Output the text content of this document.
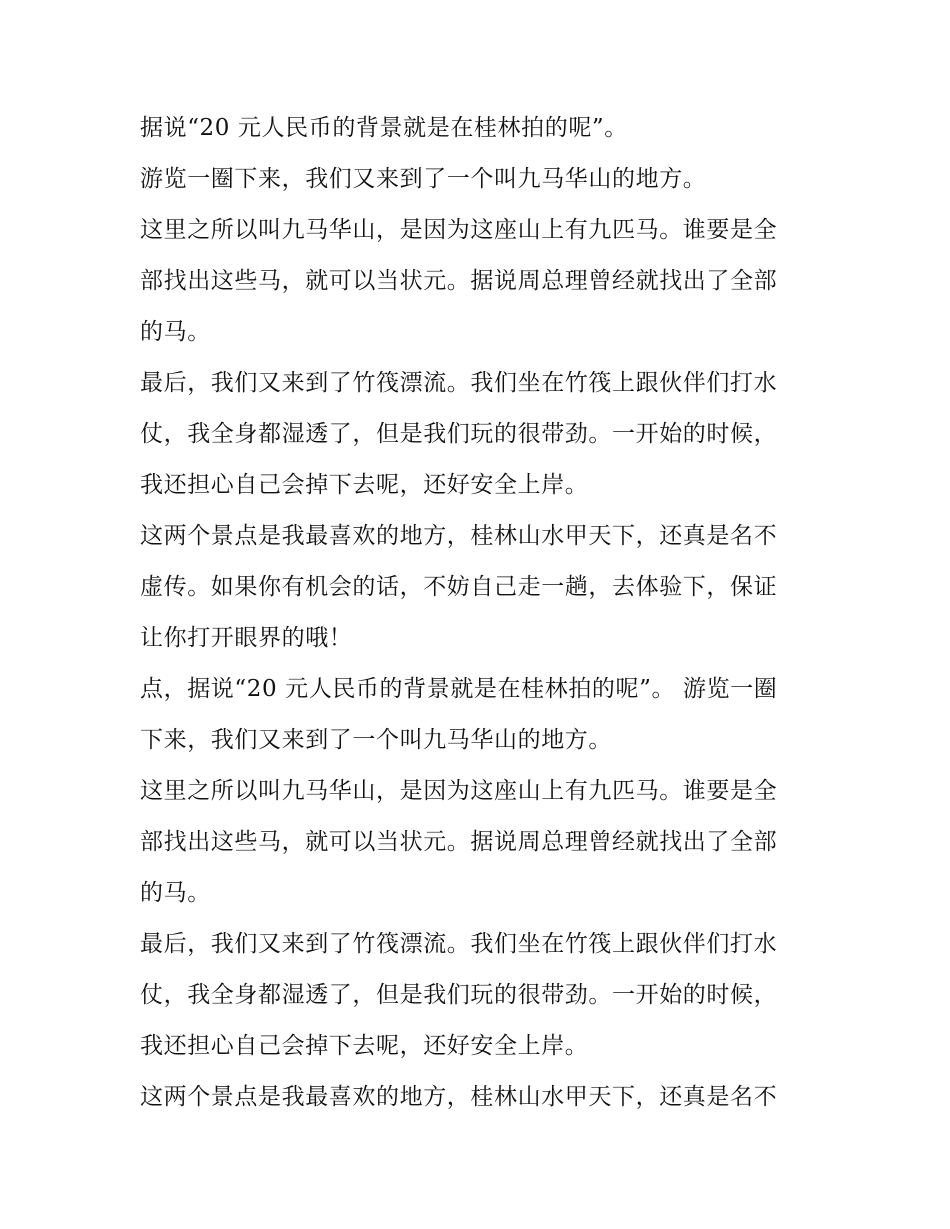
据说“20 元人民币的背景就是在桂林拍的呢”。
游览一圈下来，我们又来到了一个叫九马华山的地方。
这里之所以叫九马华山，是因为这座山上有九匹马。谁要是全
部找出这些马，就可以当状元。据说周总理曾经就找出了全部
的马。
最后，我们又来到了竹筏漂流。我们坐在竹筏上跟伙伴们打水
仗，我全身都湿透了，但是我们玩的很带劲。一开始的时候，
我还担心自己会掉下去呢，还好安全上岸。
这两个景点是我最喜欢的地方，桂林山水甲天下，还真是名不
虚传。如果你有机会的话，不妨自己走一趟，去体验下，保证
让你打开眼界的哦！
点，据说“20 元人民币的背景就是在桂林拍的呢”。 游览一圈
下来，我们又来到了一个叫九马华山的地方。
这里之所以叫九马华山，是因为这座山上有九匹马。谁要是全
部找出这些马，就可以当状元。据说周总理曾经就找出了全部
的马。
最后，我们又来到了竹筏漂流。我们坐在竹筏上跟伙伴们打水
仗，我全身都湿透了，但是我们玩的很带劲。一开始的时候，
我还担心自己会掉下去呢，还好安全上岸。
这两个景点是我最喜欢的地方，桂林山水甲天下，还真是名不
